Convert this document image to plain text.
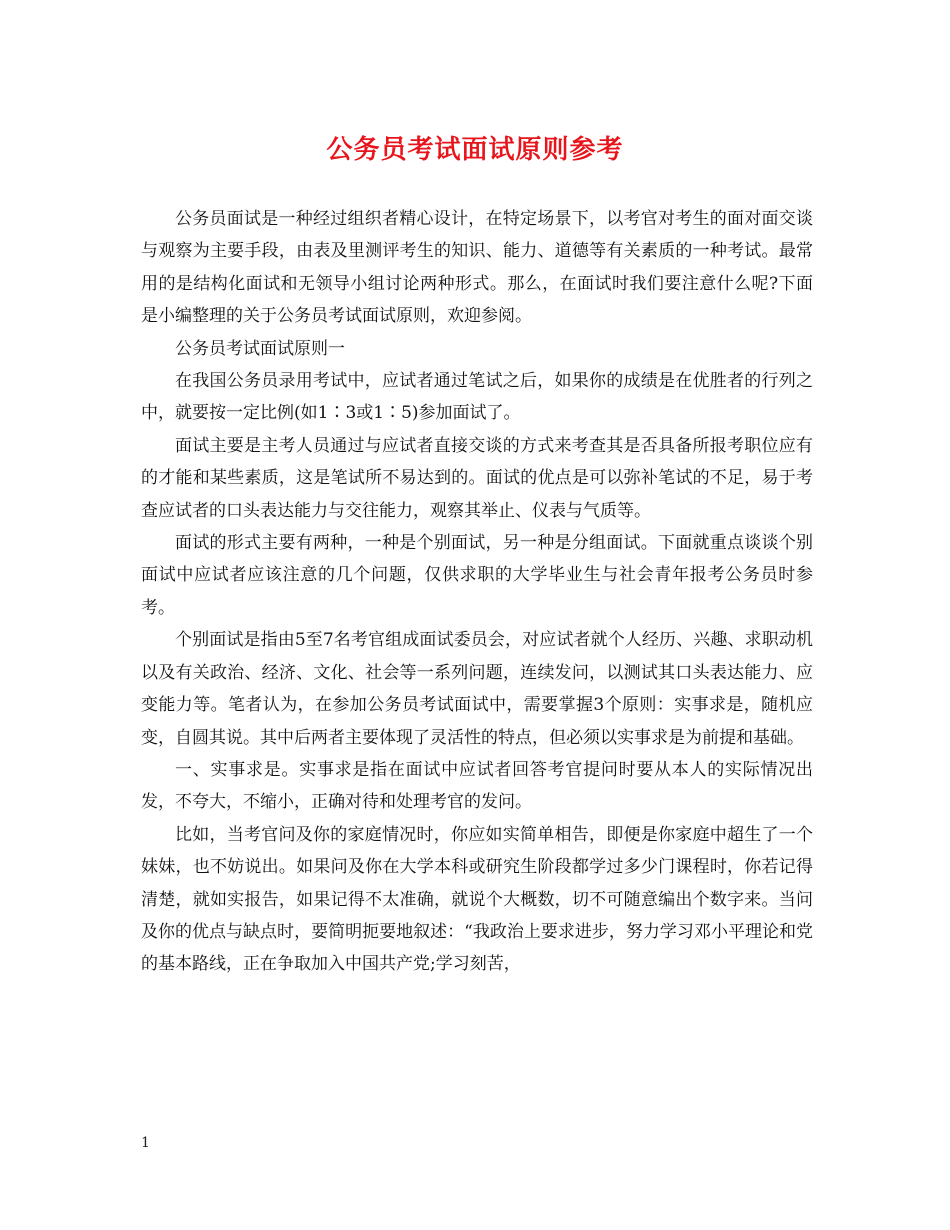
公务员考试面试原则参考

公务员面试是一种经过组织者精心设计，在特定场景下，以考官对考生的面对面交谈与观察为主要手段，由表及里测评考生的知识、能力、道德等有关素质的一种考试。最常用的是结构化面试和无领导小组讨论两种形式。那么，在面试时我们要注意什么呢?下面是小编整理的关于公务员考试面试原则，欢迎参阅。

公务员考试面试原则一

在我国公务员录用考试中，应试者通过笔试之后，如果你的成绩是在优胜者的行列之中，就要按一定比例(如1∶3或1∶5)参加面试了。

面试主要是主考人员通过与应试者直接交谈的方式来考查其是否具备所报考职位应有的才能和某些素质，这是笔试所不易达到的。面试的优点是可以弥补笔试的不足，易于考查应试者的口头表达能力与交往能力，观察其举止、仪表与气质等。

面试的形式主要有两种，一种是个别面试，另一种是分组面试。下面就重点谈谈个别面试中应试者应该注意的几个问题，仅供求职的大学毕业生与社会青年报考公务员时参考。

个别面试是指由5至7名考官组成面试委员会，对应试者就个人经历、兴趣、求职动机以及有关政治、经济、文化、社会等一系列问题，连续发问，以测试其口头表达能力、应变能力等。笔者认为，在参加公务员考试面试中，需要掌握3个原则：实事求是，随机应变，自圆其说。其中后两者主要体现了灵活性的特点，但必须以实事求是为前提和基础。

一、实事求是。实事求是指在面试中应试者回答考官提问时要从本人的实际情况出发，不夸大，不缩小，正确对待和处理考官的发问。

比如，当考官问及你的家庭情况时，你应如实简单相告，即便是你家庭中超生了一个妹妹，也不妨说出。如果问及你在大学本科或研究生阶段都学过多少门课程时，你若记得清楚，就如实报告，如果记得不太准确，就说个大概数，切不可随意编出个数字来。当问及你的优点与缺点时，要简明扼要地叙述：“我政治上要求进步，努力学习邓小平理论和党的基本路线，正在争取加入中国共产党;学习刻苦，

1
